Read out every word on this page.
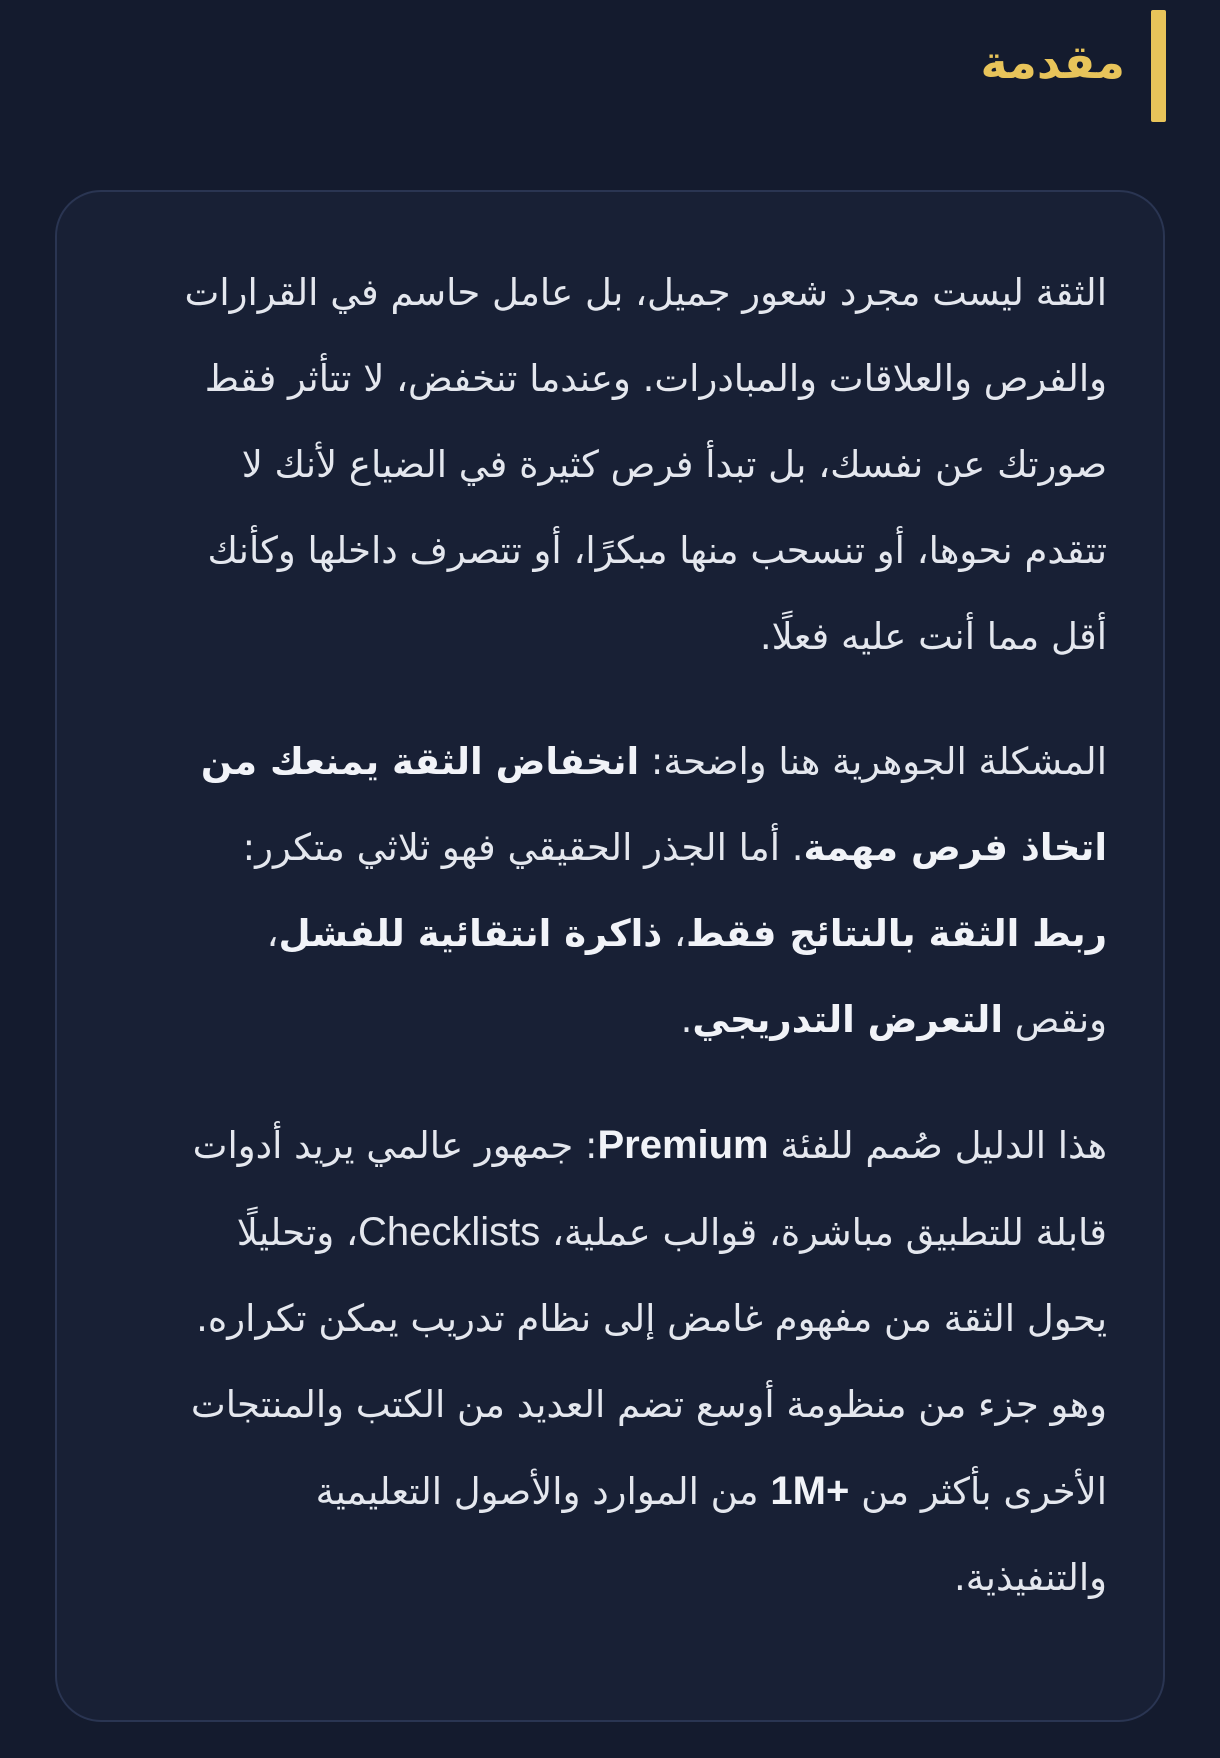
مقدمة

الثقة ليست مجرد شعور جميل، بل عامل حاسم في القرارات والفرص والعلاقات والمبادرات. وعندما تنخفض، لا تتأثر فقط صورتك عن نفسك، بل تبدأ فرص كثيرة في الضياع لأنك لا تتقدم نحوها، أو تنسحب منها مبكرًا، أو تتصرف داخلها وكأنك أقل مما أنت عليه فعلًا.

المشكلة الجوهرية هنا واضحة: انخفاض الثقة يمنعك من اتخاذ فرص مهمة. أما الجذر الحقيقي فهو ثلاثي متكرر: ربط الثقة بالنتائج فقط، ذاكرة انتقائية للفشل، ونقص التعرض التدريجي.

هذا الدليل صُمم للفئة Premium: جمهور عالمي يريد أدوات قابلة للتطبيق مباشرة، قوالب عملية، Checklists، وتحليلًا يحول الثقة من مفهوم غامض إلى نظام تدريب يمكن تكراره. وهو جزء من منظومة أوسع تضم العديد من الكتب والمنتجات الأخرى بأكثر من 1M+ من الموارد والأصول التعليمية والتنفيذية.
